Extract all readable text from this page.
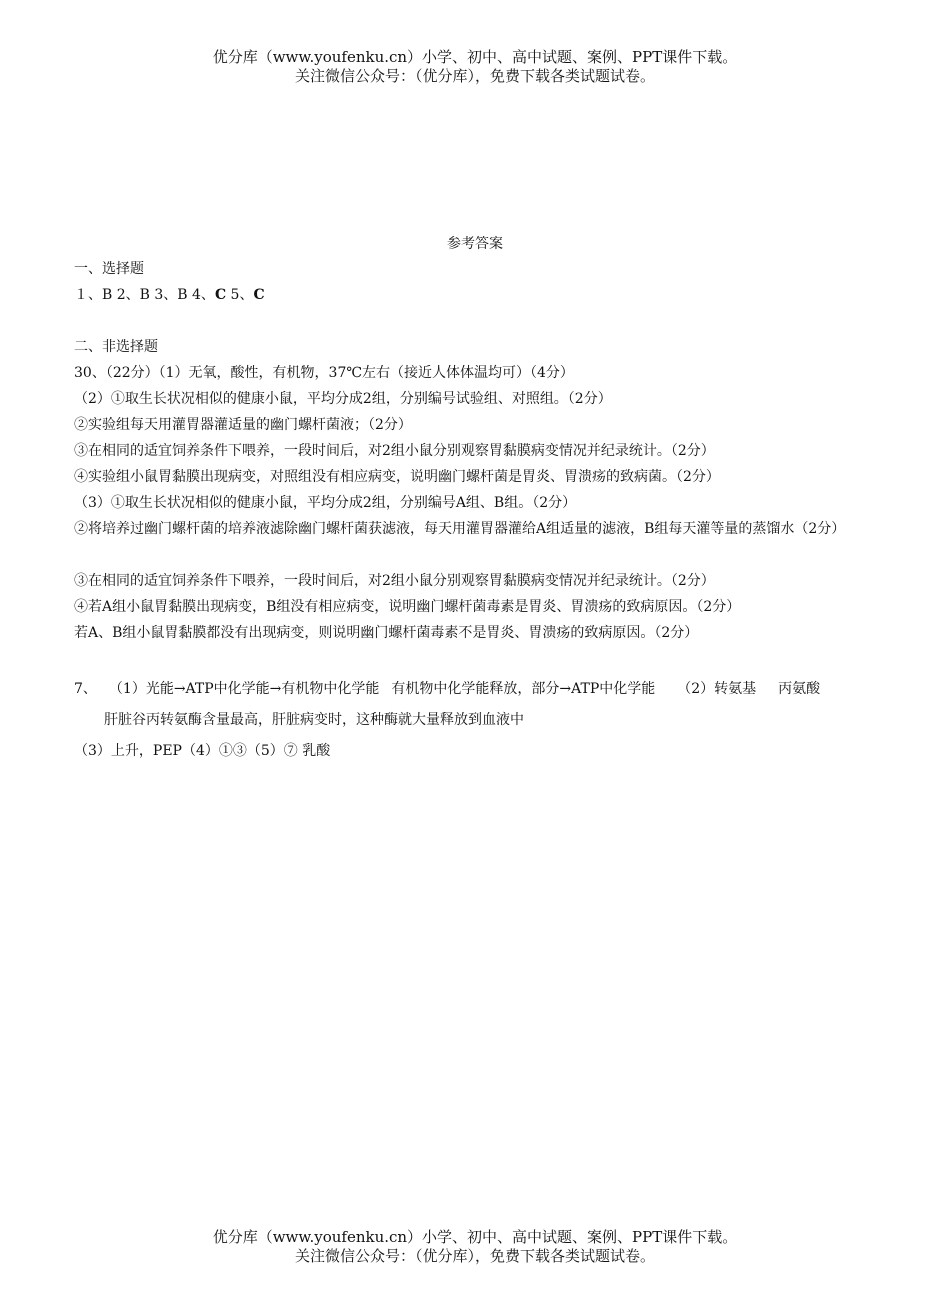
优分库（www.youfenku.cn）小学、初中、高中试题、案例、PPT课件下载。
关注微信公众号：（优分库），免费下载各类试题试卷。
参考答案
一、选择题
１、B 2、B 3、B 4、C 5、C
二、非选择题
30、（22分）（1）无氧，酸性，有机物，37℃左右（接近人体体温均可）（4分）
（2）①取生长状况相似的健康小鼠，平均分成2组，分别编号试验组、对照组。（2分）
②实验组每天用灌胃器灌适量的幽门螺杆菌液；（2分）
③在相同的适宜饲养条件下喂养，一段时间后，对2组小鼠分别观察胃黏膜病变情况并纪录统计。（2分）
④实验组小鼠胃黏膜出现病变，对照组没有相应病变，说明幽门螺杆菌是胃炎、胃溃疡的致病菌。（2分）
（3）①取生长状况相似的健康小鼠，平均分成2组，分别编号A组、B组。（2分）
②将培养过幽门螺杆菌的培养液滤除幽门螺杆菌获滤液，每天用灌胃器灌给A组适量的滤液，B组每天灌等量的蒸馏水（2分）
③在相同的适宜饲养条件下喂养，一段时间后，对2组小鼠分别观察胃黏膜病变情况并纪录统计。（2分）
④若A组小鼠胃黏膜出现病变，B组没有相应病变，说明幽门螺杆菌毒素是胃炎、胃溃疡的致病原因。（2分）
若A、B组小鼠胃黏膜都没有出现病变，则说明幽门螺杆菌毒素不是胃炎、胃溃疡的致病原因。（2分）
7、 （1）光能→ATP中化学能→有机物中化学能 有机物中化学能释放，部分→ATP中化学能 （2）转氨基 丙氨酸
肝脏谷丙转氨酶含量最高，肝脏病变时，这种酶就大量释放到血液中
（3）上升，PEP（4）①③（5）⑦ 乳酸
优分库（www.youfenku.cn）小学、初中、高中试题、案例、PPT课件下载。
关注微信公众号：（优分库），免费下载各类试题试卷。
